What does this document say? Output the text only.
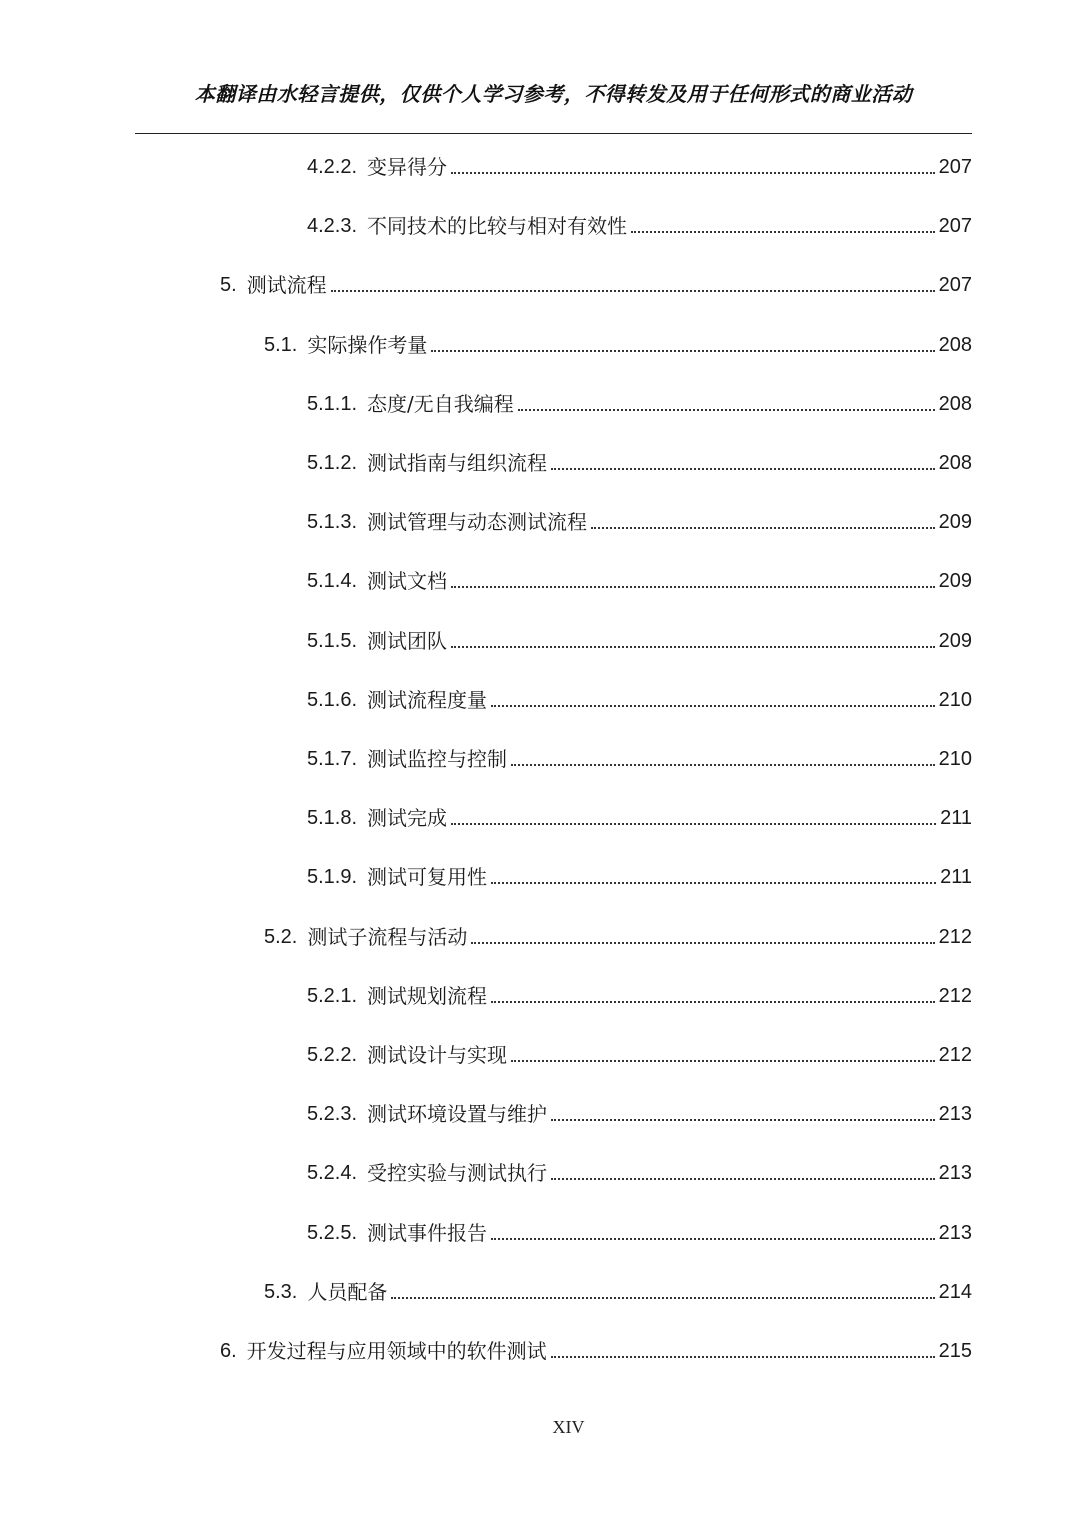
本翻译由水轻言提供，仅供个人学习参考，不得转发及用于任何形式的商业活动
4.2.2. 变异得分	207
4.2.3. 不同技术的比较与相对有效性	207
5. 测试流程	207
5.1. 实际操作考量	208
5.1.1. 态度/无自我编程	208
5.1.2. 测试指南与组织流程	208
5.1.3. 测试管理与动态测试流程	209
5.1.4. 测试文档	209
5.1.5. 测试团队	209
5.1.6. 测试流程度量	210
5.1.7. 测试监控与控制	210
5.1.8. 测试完成	211
5.1.9. 测试可复用性	211
5.2. 测试子流程与活动	212
5.2.1. 测试规划流程	212
5.2.2. 测试设计与实现	212
5.2.3. 测试环境设置与维护	213
5.2.4. 受控实验与测试执行	213
5.2.5. 测试事件报告	213
5.3. 人员配备	214
6. 开发过程与应用领域中的软件测试	215
XIV
